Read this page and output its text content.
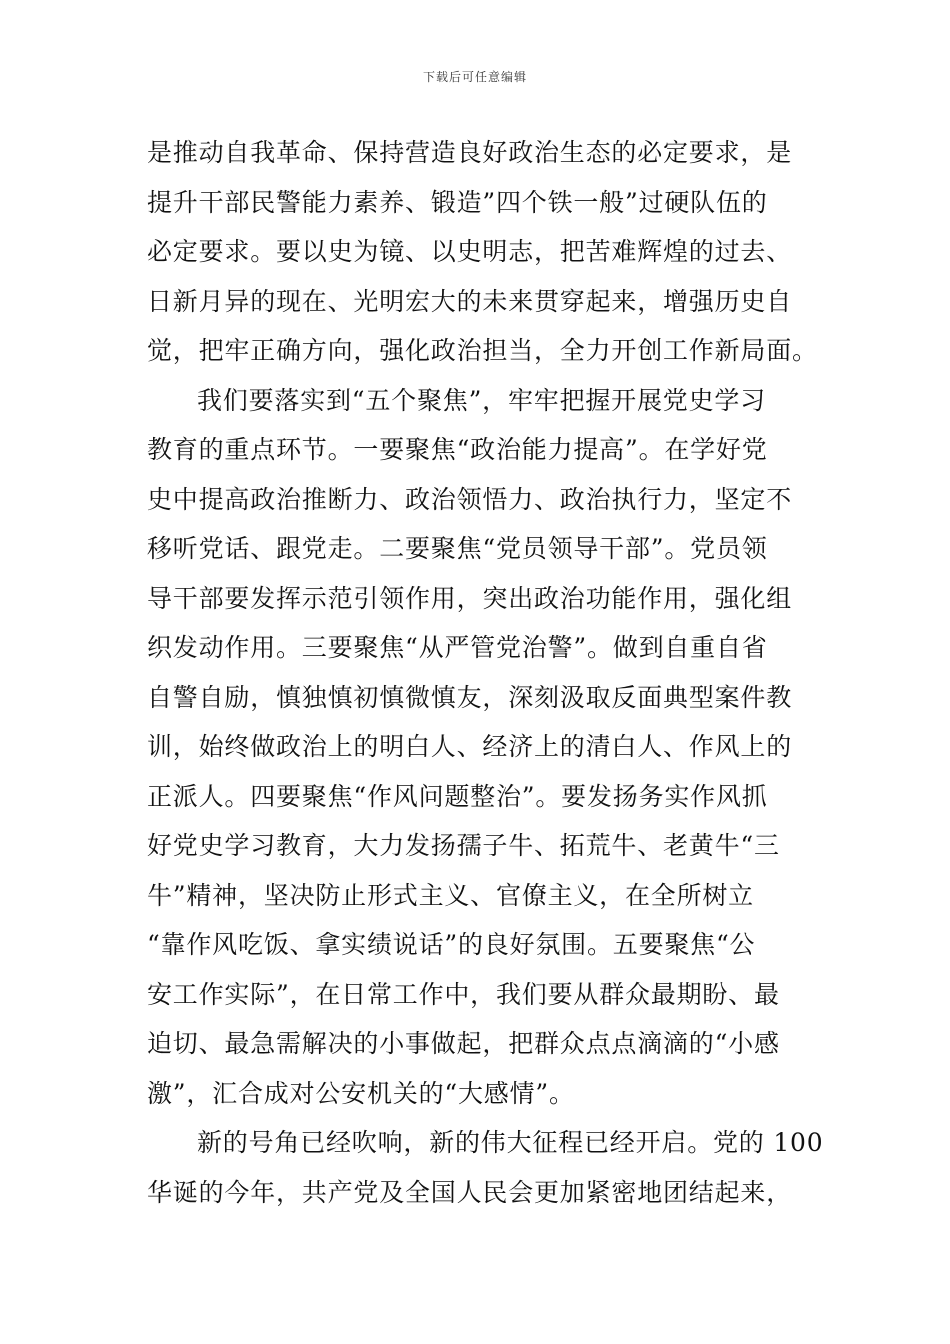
下载后可任意编辑
是推动自我革命、保持营造良好政治生态的必定要求，是
提升干部民警能力素养、锻造”四个铁一般”过硬队伍的
必定要求。要以史为镜、以史明志，把苦难辉煌的过去、
日新月异的现在、光明宏大的未来贯穿起来，增强历史自
觉，把牢正确方向，强化政治担当，全力开创工作新局面。
我们要落实到“五个聚焦”，牢牢把握开展党史学习
教育的重点环节。一要聚焦“政治能力提高”。在学好党
史中提高政治推断力、政治领悟力、政治执行力，坚定不
移听党话、跟党走。二要聚焦“党员领导干部”。党员领
导干部要发挥示范引领作用，突出政治功能作用，强化组
织发动作用。三要聚焦“从严管党治警”。做到自重自省
自警自励，慎独慎初慎微慎友，深刻汲取反面典型案件教
训，始终做政治上的明白人、经济上的清白人、作风上的
正派人。四要聚焦“作风问题整治”。要发扬务实作风抓
好党史学习教育，大力发扬孺子牛、拓荒牛、老黄牛“三
牛”精神，坚决防止形式主义、官僚主义，在全所树立
“靠作风吃饭、拿实绩说话”的良好氛围。五要聚焦“公
安工作实际”，在日常工作中，我们要从群众最期盼、最
迫切、最急需解决的小事做起，把群众点点滴滴的“小感
激”，汇合成对公安机关的“大感情”。
新的号角已经吹响，新的伟大征程已经开启。党的 100
华诞的今年，共产党及全国人民会更加紧密地团结起来，
